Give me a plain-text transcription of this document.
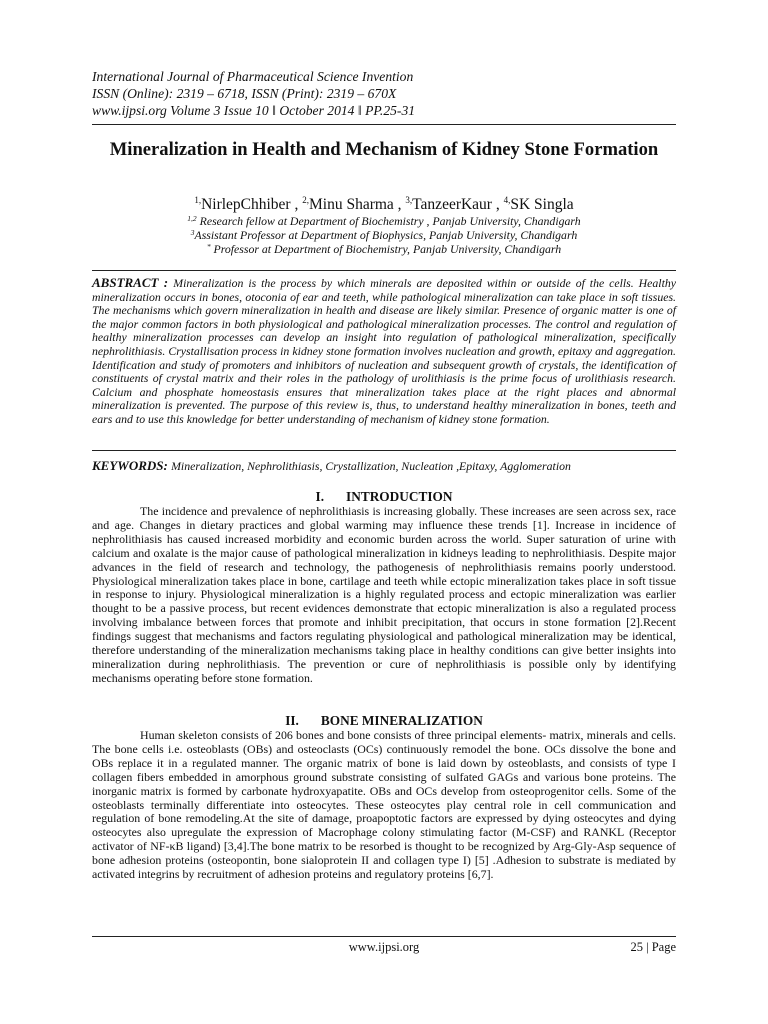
International Journal of Pharmaceutical Science Invention
ISSN (Online): 2319 – 6718, ISSN (Print): 2319 – 670X
www.ijpsi.org Volume 3 Issue 10 ǁ October 2014 ǁ PP.25-31
Mineralization in Health and Mechanism of Kidney Stone Formation
$^{1,}$NirlepChhiber , $^{2,}$Minu Sharma , $^{3,}$TanzeerKaur , $^{4,}$SK Singla
$^{1,2}$ Research fellow at Department of Biochemistry , Panjab University, Chandigarh
$^3$Assistant Professor at Department of Biophysics, Panjab University, Chandigarh
* Professor at Department of Biochemistry, Panjab University, Chandigarh
ABSTRACT : Mineralization is the process by which minerals are deposited within or outside of the cells. Healthy mineralization occurs in bones, otoconia of ear and teeth, while pathological mineralization can take place in soft tissues. The mechanisms which govern mineralization in health and disease are likely similar. Presence of organic matter is one of the major common factors in both physiological and pathological mineralization processes. The control and regulation of healthy mineralization processes can develop an insight into regulation of pathological mineralization, specifically nephrolithiasis. Crystallisation process in kidney stone formation involves nucleation and growth, epitaxy and aggregation. Identification and study of promoters and inhibitors of nucleation and subsequent growth of crystals, the identification of constituents of crystal matrix and their roles in the pathology of urolithiasis is the prime focus of urolithiasis research. Calcium and phosphate homeostasis ensures that mineralization takes place at the right places and abnormal mineralization is prevented. The purpose of this review is, thus, to understand healthy mineralization in bones, teeth and ears and to use this knowledge for better understanding of mechanism of kidney stone formation.
KEYWORDS: Mineralization, Nephrolithiasis, Crystallization, Nucleation ,Epitaxy, Agglomeration
I. INTRODUCTION
The incidence and prevalence of nephrolithiasis is increasing globally. These increases are seen across sex, race and age. Changes in dietary practices and global warming may influence these trends [1]. Increase in incidence of nephrolithiasis has caused increased morbidity and economic burden across the world. Super saturation of urine with calcium and oxalate is the major cause of pathological mineralization in kidneys leading to nephrolithiasis. Despite major advances in the field of research and technology, the pathogenesis of nephrolithiasis remains poorly understood. Physiological mineralization takes place in bone, cartilage and teeth while ectopic mineralization takes place in soft tissue in response to injury. Physiological mineralization is a highly regulated process and ectopic mineralization was earlier thought to be a passive process, but recent evidences demonstrate that ectopic mineralization is also a regulated process involving imbalance between forces that promote and inhibit precipitation, that occurs in stone formation [2].Recent findings suggest that mechanisms and factors regulating physiological and pathological mineralization may be identical, therefore understanding of the mineralization mechanisms taking place in healthy conditions can give better insights into mineralization during nephrolithiasis. The prevention or cure of nephrolithiasis is possible only by identifying mechanisms operating before stone formation.
II. BONE MINERALIZATION
Human skeleton consists of 206 bones and bone consists of three principal elements- matrix, minerals and cells. The bone cells i.e. osteoblasts (OBs) and osteoclasts (OCs) continuously remodel the bone. OCs dissolve the bone and OBs replace it in a regulated manner. The organic matrix of bone is laid down by osteoblasts, and consists of type I collagen fibers embedded in amorphous ground substrate consisting of sulfated GAGs and various bone proteins. The inorganic matrix is formed by carbonate hydroxyapatite. OBs and OCs develop from osteoprogenitor cells. Some of the osteoblasts terminally differentiate into osteocytes. These osteocytes play central role in cell communication and regulation of bone remodeling.At the site of damage, proapoptotic factors are expressed by dying osteocytes and dying osteocytes also upregulate the expression of Macrophage colony stimulating factor (M-CSF) and RANKL (Receptor activator of NF-κB ligand) [3,4].The bone matrix to be resorbed is thought to be recognized by Arg-Gly-Asp sequence of bone adhesion proteins (osteopontin, bone sialoprotein II and collagen type I) [5] .Adhesion to substrate is mediated by activated integrins by recruitment of adhesion proteins and regulatory proteins [6,7].
www.ijpsi.org	25 | Page
